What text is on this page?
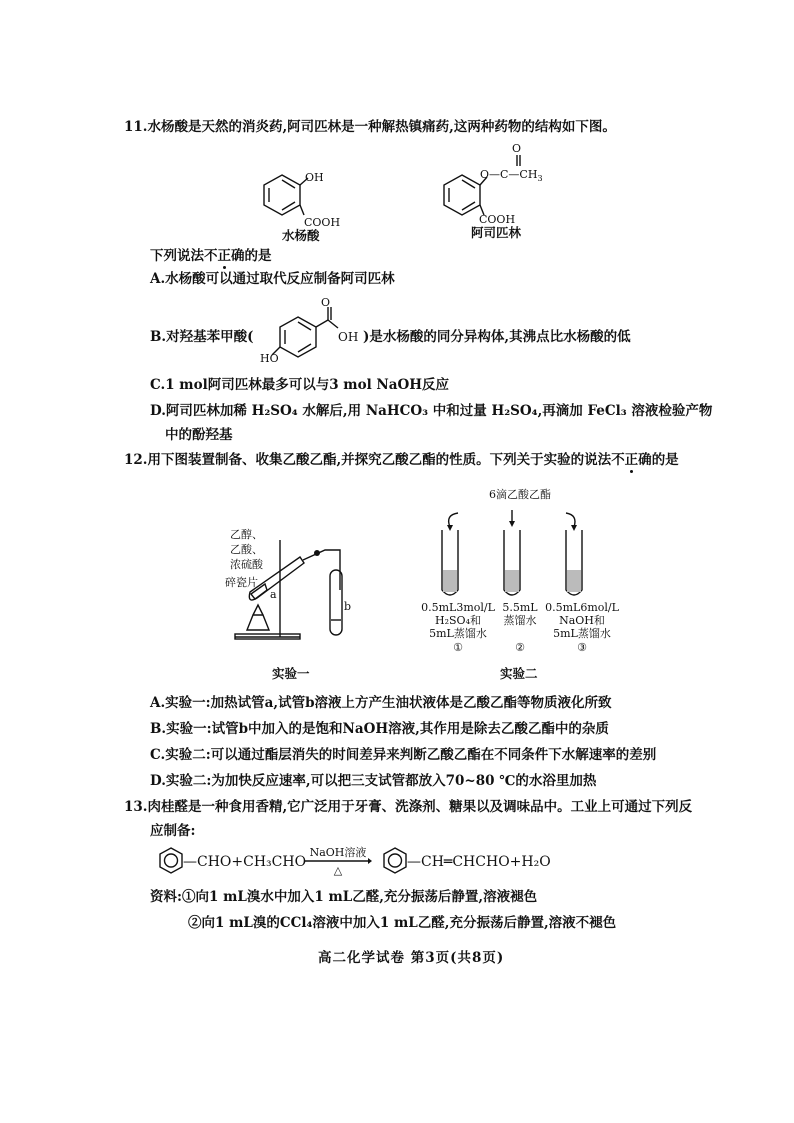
11.水杨酸是天然的消炎药,阿司匹林是一种解热镇痛药,这两种药物的结构如下图。
OH
COOH
水杨酸
O
$O—C—CH_3$
COOH
阿司匹林
下列说法不正确的是
A.水杨酸可以通过取代反应制备阿司匹林
B.对羟基苯甲酸(
O
OH )是水杨酸的同分异构体,其沸点比水杨酸的低
HO
C.1 mol阿司匹林最多可以与3 mol NaOH反应
D.阿司匹林加稀 H₂SO₄ 水解后,用 NaHCO₃ 中和过量 H₂SO₄,再滴加 FeCl₃ 溶液检验产物
中的酚羟基
12.用下图装置制备、收集乙酸乙酯,并探究乙酸乙酯的性质。下列关于实验的说法不正确的是
乙醇、
乙酸、
浓硫酸
碎瓷片
a
b
实验一
6滴乙酸乙酯
0.5mL3mol/L
H₂SO₄和
5mL蒸馏水
①
5.5mL
蒸馏水
②
0.5mL6mol/L
NaOH和
5mL蒸馏水
③
实验二
A.实验一:加热试管a,试管b溶液上方产生油状液体是乙酸乙酯等物质液化所致
B.实验一:试管b中加入的是饱和NaOH溶液,其作用是除去乙酸乙酯中的杂质
C.实验二:可以通过酯层消失的时间差异来判断乙酸乙酯在不同条件下水解速率的差别
D.实验二:为加快反应速率,可以把三支试管都放入70~80 ℃的水浴里加热
13.肉桂醛是一种食用香精,它广泛用于牙膏、洗涤剂、糖果以及调味品中。工业上可通过下列反
应制备:
—CHO+CH₃CHO
NaOH溶液
△
—CH═CHCHO+H₂O
资料:①向1 mL溴水中加入1 mL乙醛,充分振荡后静置,溶液褪色
②向1 mL溴的CCl₄溶液中加入1 mL乙醛,充分振荡后静置,溶液不褪色
高二化学试卷 第3页(共8页)
